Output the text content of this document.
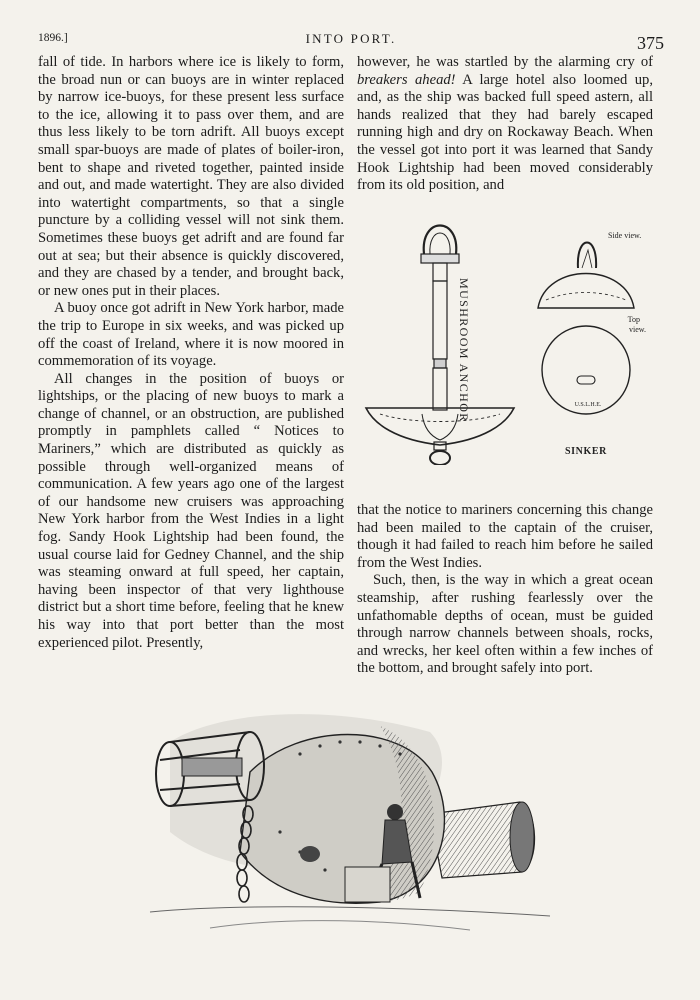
1896.]	INTO PORT.	375

fall of tide. In harbors where ice is likely to form, the broad nun or can buoys are in winter replaced by narrow ice-buoys, for these present less surface to the ice, allowing it to pass over them, and are thus less likely to be torn adrift. All buoys except small spar-buoys are made of plates of boiler-iron, bent to shape and riveted together, painted inside and out, and made watertight. They are also divided into watertight compartments, so that a single puncture by a colliding vessel will not sink them. Sometimes these buoys get adrift and are found far out at sea; but their absence is quickly discovered, and they are chased by a tender, and brought back, or new ones put in their places.

A buoy once got adrift in New York harbor, made the trip to Europe in six weeks, and was picked up off the coast of Ireland, where it is now moored in commemoration of its voyage.

All changes in the position of buoys or lightships, or the placing of new buoys to mark a change of channel, or an obstruction, are published promptly in pamphlets called “ Notices to Mariners,” which are distributed as quickly as possible through well-organized means of communication. A few years ago one of the largest of our handsome new cruisers was approaching New York harbor from the West Indies in a light fog. Sandy Hook Lightship had been found, the usual course laid for Gedney Channel, and the ship was steaming onward at full speed, her captain, having been inspector of that very lighthouse district but a short time before, feeling that he knew his way into that port better than the most experienced pilot. Presently,

however, he was startled by the alarming cry of breakers ahead! A large hotel also loomed up, and, as the ship was backed full speed astern, all hands realized that they had barely escaped running high and dry on Rockaway Beach. When the vessel got into port it was learned that Sandy Hook Lightship had been moved considerably from its old position, and

MUSHROOM ANCHOR
Side view.
Top
view.
U.S.L.H.E.
SINKER

that the notice to mariners concerning this change had been mailed to the captain of the cruiser, though it had failed to reach him before he sailed from the West Indies.

Such, then, is the way in which a great ocean steamship, after rushing fearlessly over the unfathomable depths of ocean, must be guided through narrow channels between shoals, rocks, and wrecks, her keel often within a few inches of the bottom, and brought safely into port.
